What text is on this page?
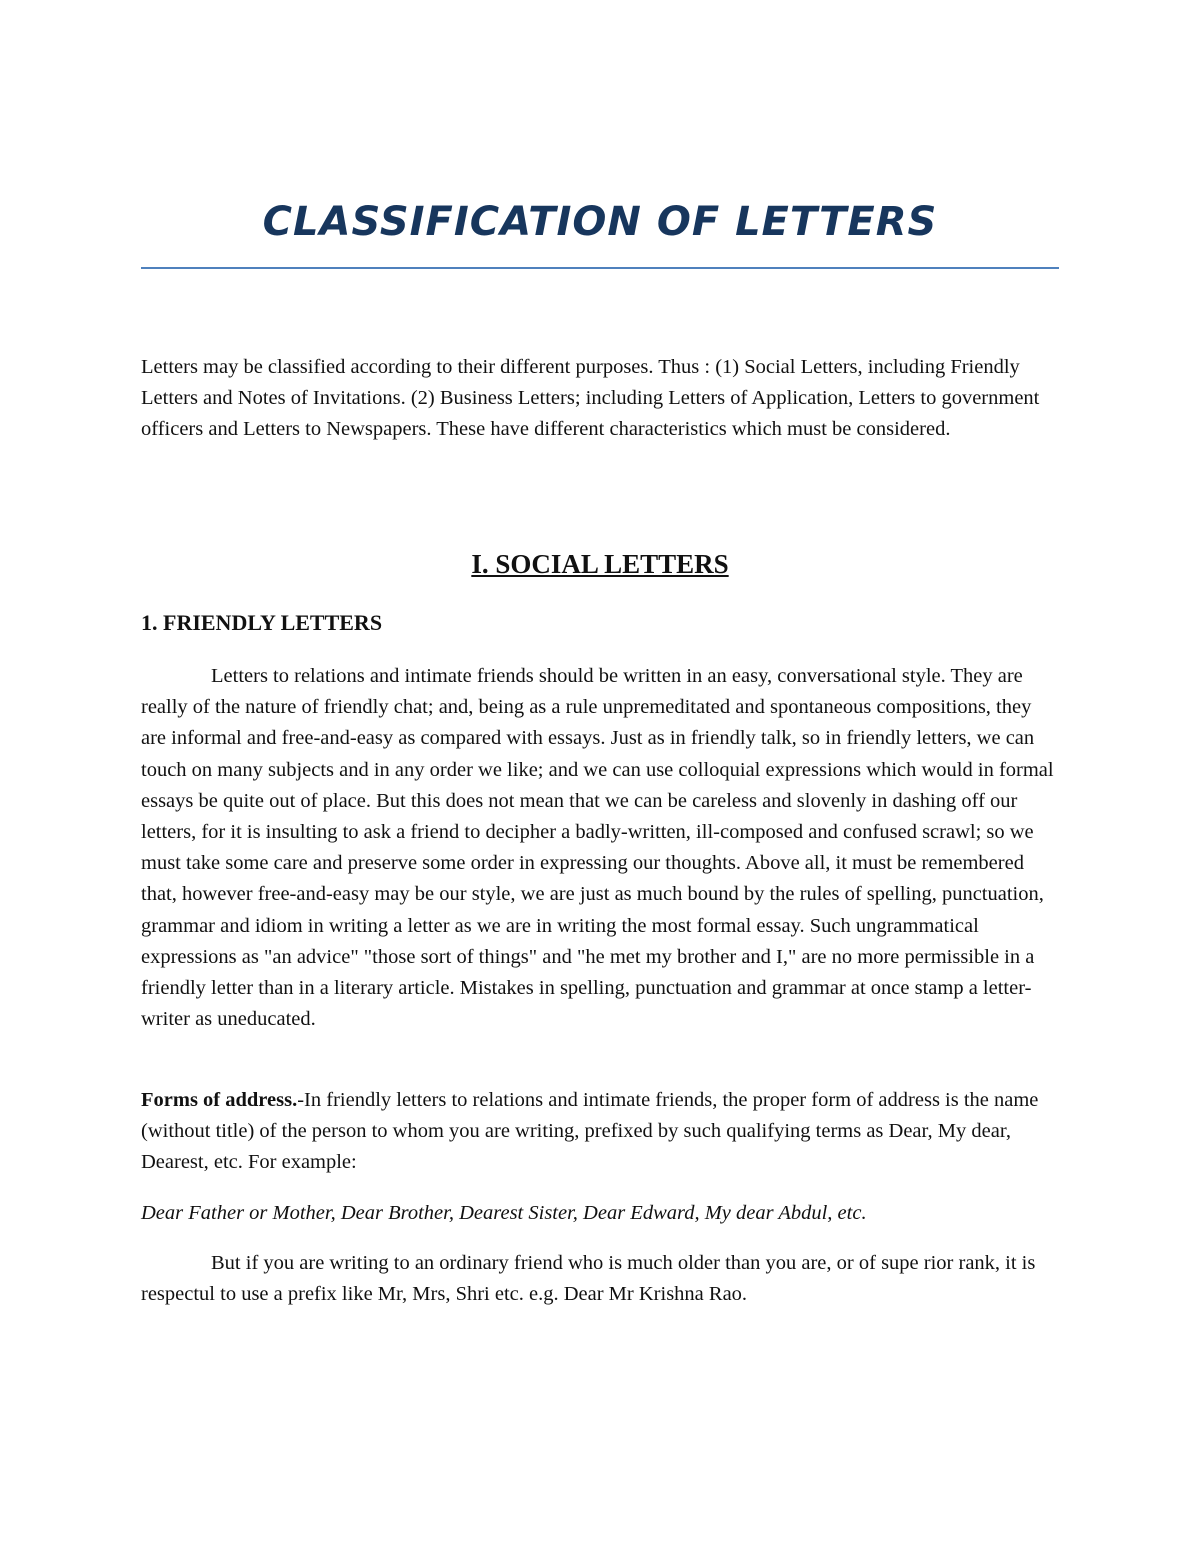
CLASSIFICATION OF LETTERS

Letters may be classified according to their different purposes. Thus : (1) Social Letters, including Friendly Letters and Notes of Invitations. (2) Business Letters; including Letters of Application, Letters to government officers and Letters to Newspapers. These have different characteristics which must be considered.

I. SOCIAL LETTERS
1. FRIENDLY LETTERS

Letters to relations and intimate friends should be written in an easy, conversational style. They are really of the nature of friendly chat; and, being as a rule unpremeditated and spontaneous compositions, they are informal and free-and-easy as compared with essays. Just as in friendly talk, so in friendly letters, we can touch on many subjects and in any order we like; and we can use colloquial expressions which would in formal essays be quite out of place. But this does not mean that we can be careless and slovenly in dashing off our letters, for it is insulting to ask a friend to decipher a badly-written, ill-composed and confused scrawl; so we must take some care and preserve some order in expressing our thoughts. Above all, it must be remembered that, however free-and-easy may be our style, we are just as much bound by the rules of spelling, punctuation, grammar and idiom in writing a letter as we are in writing the most formal essay. Such ungrammatical expressions as "an advice" "those sort of things" and "he met my brother and I," are no more permissible in a friendly letter than in a literary article. Mistakes in spelling, punctuation and grammar at once stamp a letter-writer as uneducated.

Forms of address.-In friendly letters to relations and intimate friends, the proper form of address is the name (without title) of the person to whom you are writing, prefixed by such qualifying terms as Dear, My dear, Dearest, etc. For example:

Dear Father or Mother, Dear Brother, Dearest Sister, Dear Edward, My dear Abdul, etc.

But if you are writing to an ordinary friend who is much older than you are, or of supe rior rank, it is respectul to use a prefix like Mr, Mrs, Shri etc. e.g. Dear Mr Krishna Rao.
